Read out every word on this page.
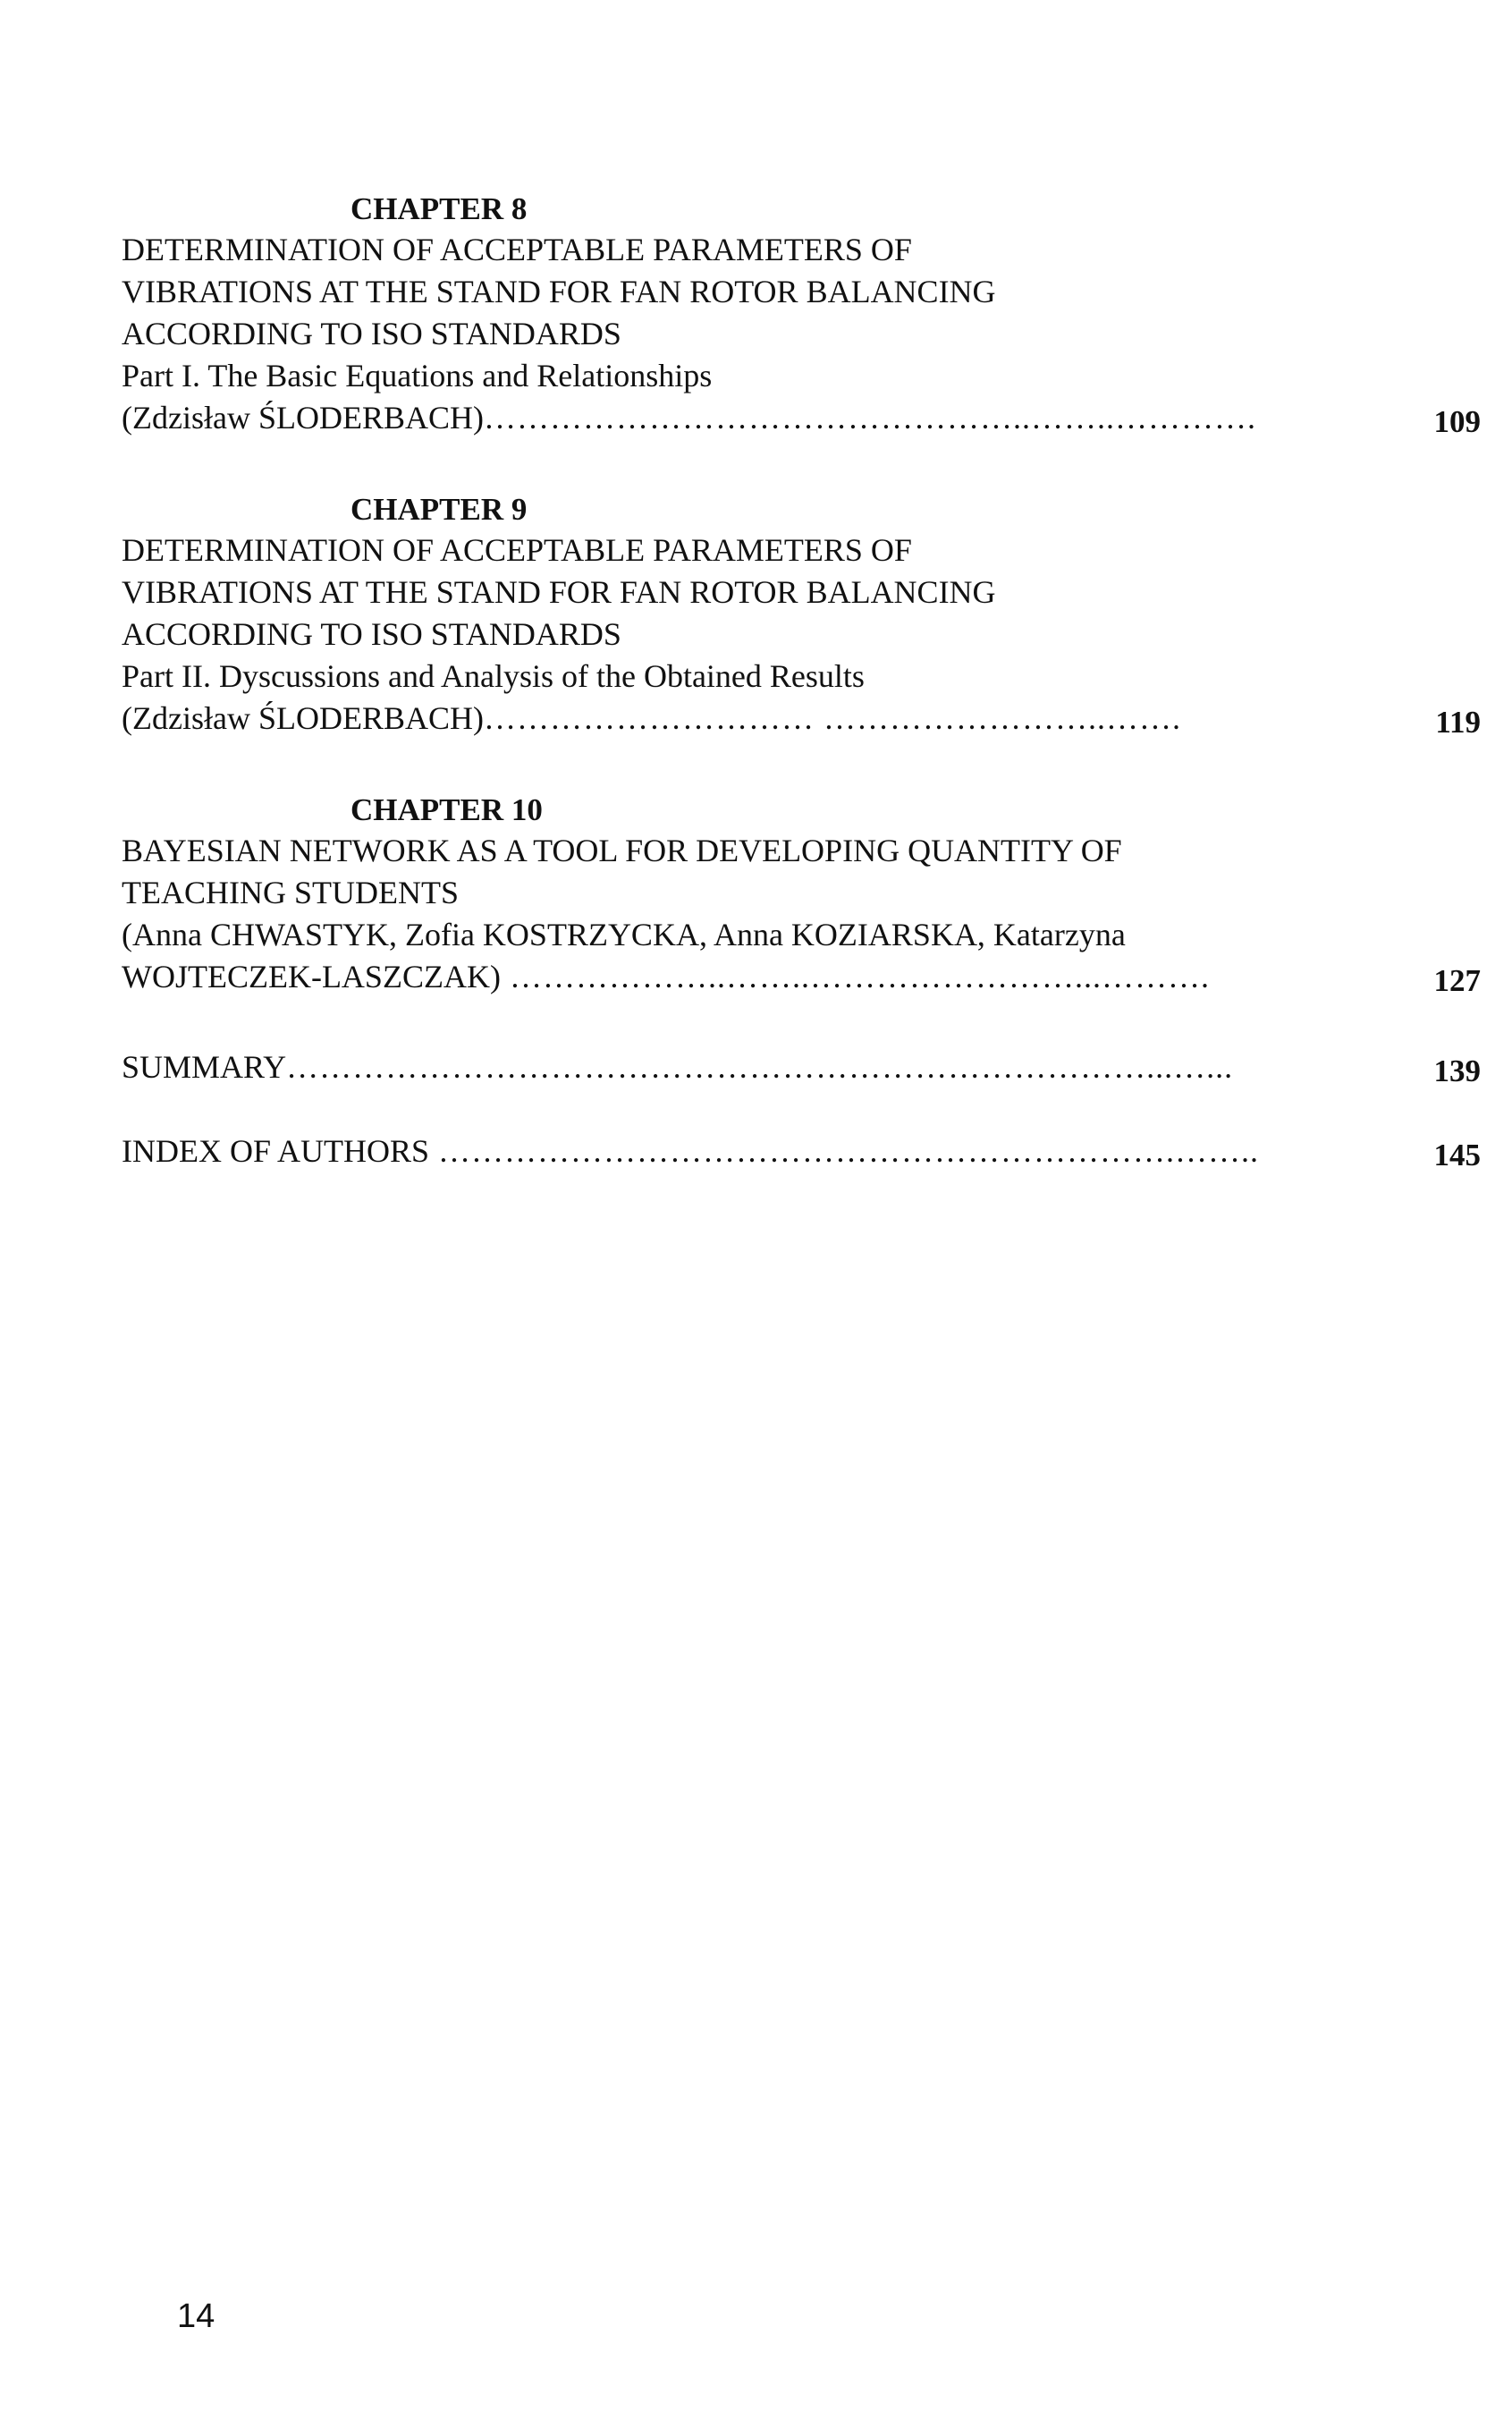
CHAPTER 8
DETERMINATION OF ACCEPTABLE PARAMETERS OF
VIBRATIONS AT THE STAND FOR FAN ROTOR BALANCING
ACCORDING TO ISO STANDARDS
Part I. The Basic Equations and Relationships
(Zdzisław ŚLODERBACH)…………………………………………..……..………….	109
CHAPTER 9
DETERMINATION OF ACCEPTABLE PARAMETERS OF
VIBRATIONS AT THE STAND FOR FAN ROTOR BALANCING
ACCORDING TO ISO STANDARDS
Part II. Dyscussions and Analysis of the Obtained Results
(Zdzisław ŚLODERBACH)………………………… ……………………..…….	119
CHAPTER 10
BAYESIAN NETWORK AS A TOOL FOR DEVELOPING QUANTITY OF
TEACHING STUDENTS
(Anna CHWASTYK, Zofia KOSTRZYCKA, Anna KOZIARSKA, Katarzyna
WOJTECZEK-LASZCZAK) ………………..……..……………………...……….	127
SUMMARY……………………………………………………………………...…...	139
INDEX OF AUTHORS ………………………………………………………….……..	145
14
